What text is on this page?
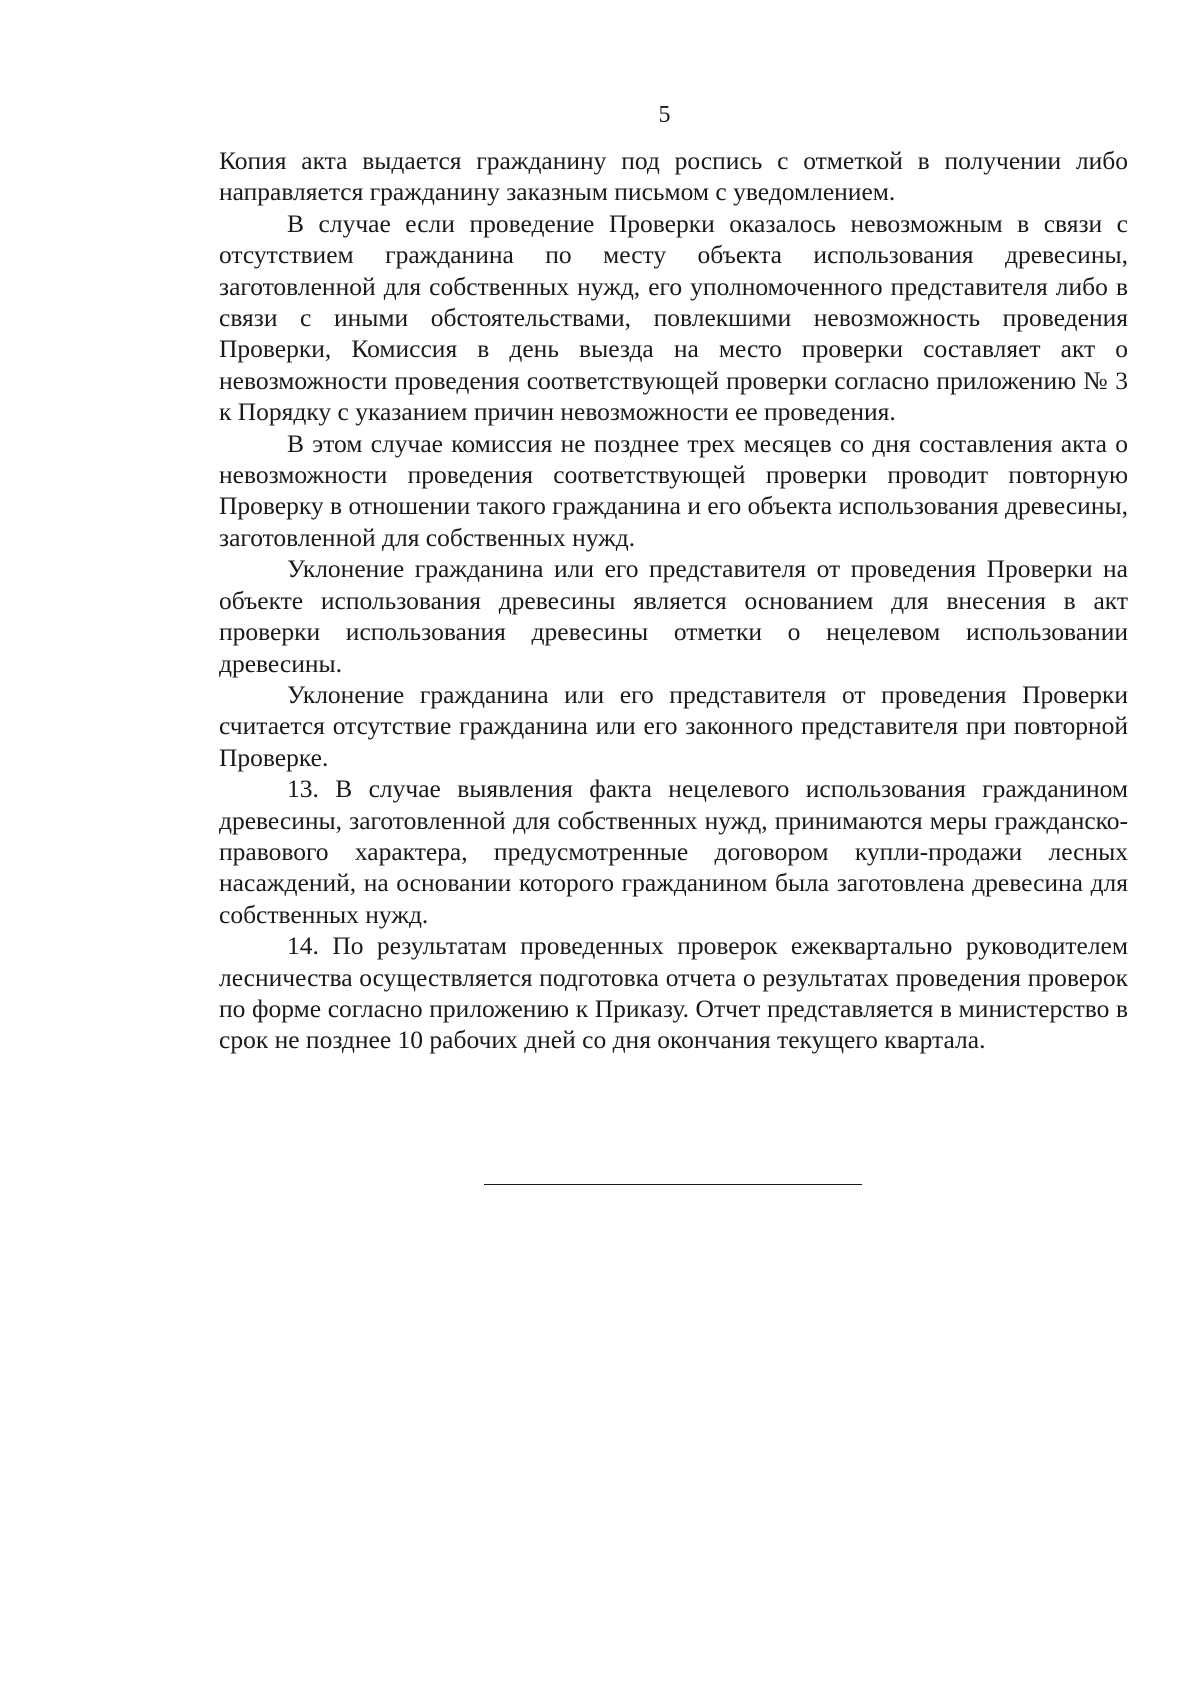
5

Копия акта выдается гражданину под роспись с отметкой в получении либо направляется гражданину заказным письмом с уведомлением.

В случае если проведение Проверки оказалось невозможным в связи с отсутствием гражданина по месту объекта использования древесины, заготовленной для собственных нужд, его уполномоченного представителя либо в связи с иными обстоятельствами, повлекшими невозможность проведения Проверки, Комиссия в день выезда на место проверки составляет акт о невозможности проведения соответствующей проверки согласно приложению № 3 к Порядку с указанием причин невозможности ее проведения.

В этом случае комиссия не позднее трех месяцев со дня составления акта о невозможности проведения соответствующей проверки проводит повторную Проверку в отношении такого гражданина и его объекта использования древесины, заготовленной для собственных нужд.

Уклонение гражданина или его представителя от проведения Проверки на объекте использования древесины является основанием для внесения в акт проверки использования древесины отметки о нецелевом использовании древесины.

Уклонение гражданина или его представителя от проведения Проверки считается отсутствие гражданина или его законного представителя при повторной Проверке.

13. В случае выявления факта нецелевого использования гражданином древесины, заготовленной для собственных нужд, принимаются меры гражданско-правового характера, предусмотренные договором купли-продажи лесных насаждений, на основании которого гражданином была заготовлена древесина для собственных нужд.

14. По результатам проведенных проверок ежеквартально руководителем лесничества осуществляется подготовка отчета о результатах проведения проверок по форме согласно приложению к Приказу. Отчет представляется в министерство в срок не позднее 10 рабочих дней со дня окончания текущего квартала.
